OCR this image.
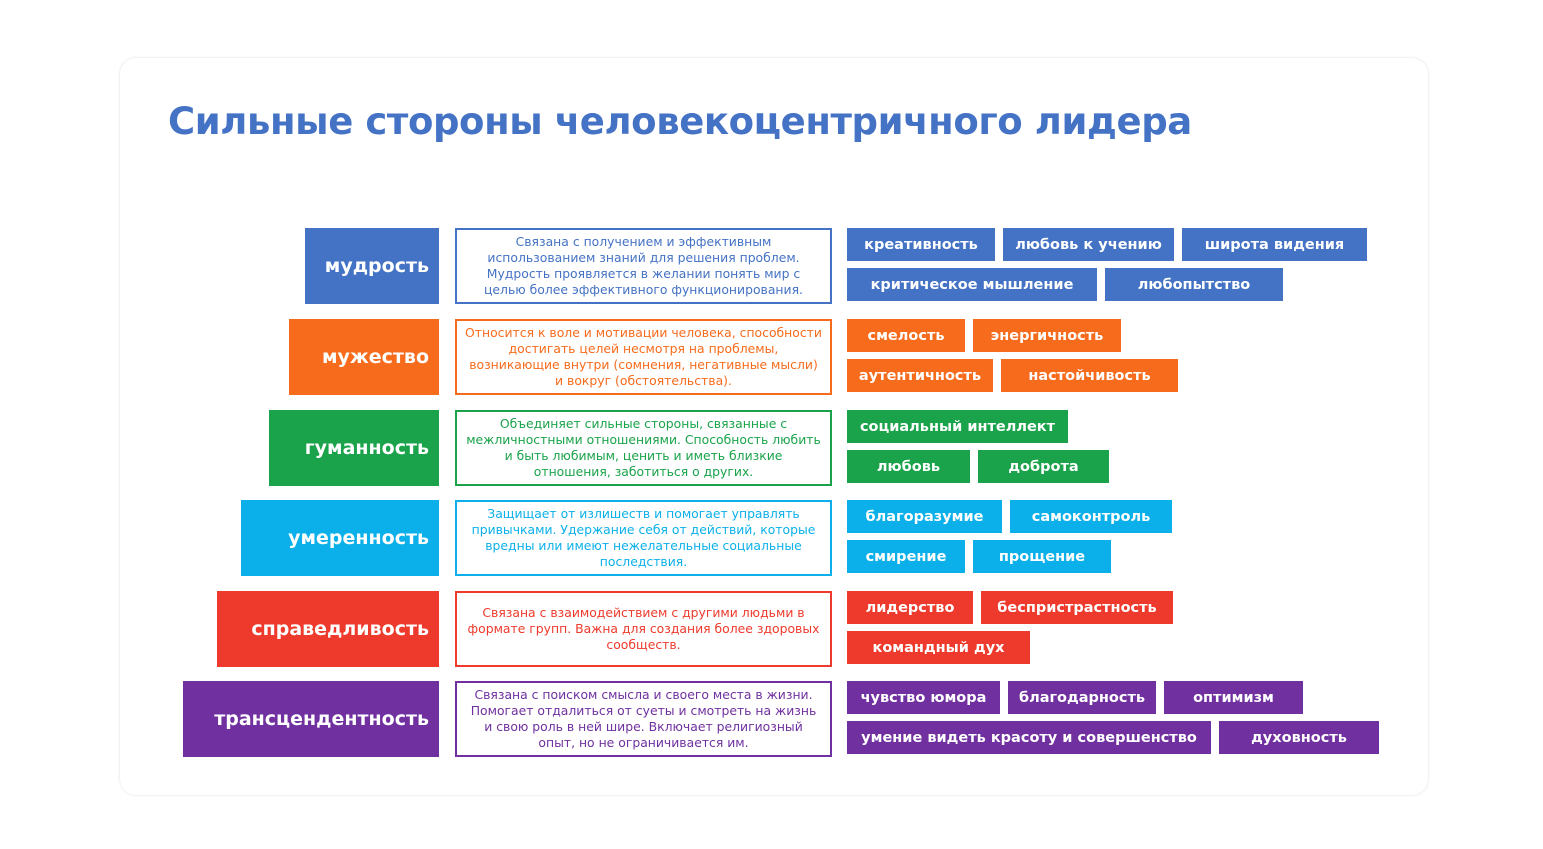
Сильные стороны человекоцентричного лидера
мудрость
Связана с получением и эффективным использованием знаний для решения проблем. Мудрость проявляется в желании понять мир с целью более эффективного функционирования.
креативность	любовь к учению	широта видения
критическое мышление	любопытство
мужество
Относится к воле и мотивации человека, способности достигать целей несмотря на проблемы, возникающие внутри (сомнения, негативные мысли) и вокруг (обстоятельства).
смелость	энергичность
аутентичность	настойчивость
гуманность
Объединяет сильные стороны, связанные с межличностными отношениями. Способность любить и быть любимым, ценить и иметь близкие отношения, заботиться о других.
социальный интеллект
любовь	доброта
умеренность
Защищает от излишеств и помогает управлять привычками. Удержание себя от действий, которые вредны или имеют нежелательные социальные последствия.
благоразумие	самоконтроль
смирение	прощение
справедливость
Связана с взаимодействием с другими людьми в формате групп. Важна для создания более здоровых сообществ.
лидерство	беспристрастность
командный дух
трансцендентность
Связана с поиском смысла и своего места в жизни. Помогает отдалиться от суеты и смотреть на жизнь и свою роль в ней шире. Включает религиозный опыт, но не ограничивается им.
чувство юмора	благодарность	оптимизм
умение видеть красоту и совершенство	духовность
